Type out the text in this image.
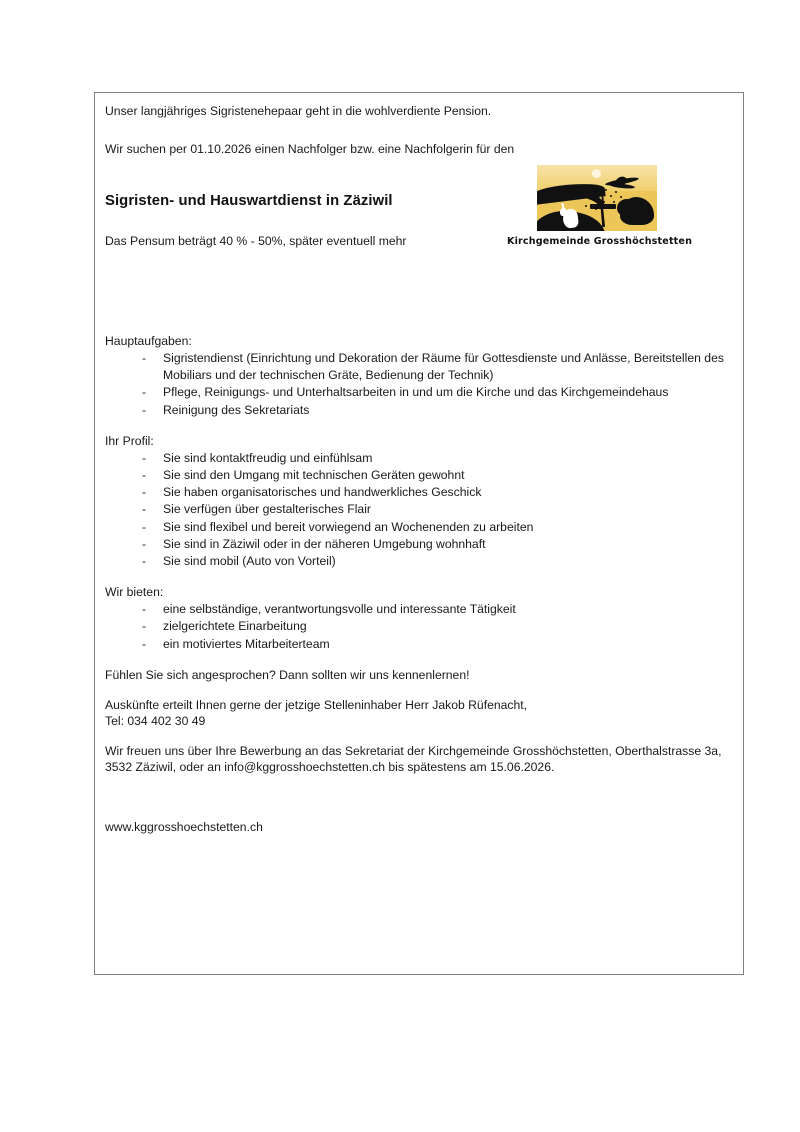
Unser langjähriges Sigristenehepaar geht in die wohlverdiente Pension.

Wir suchen per 01.10.2026 einen Nachfolger bzw. eine Nachfolgerin für den

Sigristen- und Hauswartdienst in Zäziwil

Das Pensum beträgt 40 % - 50%, später eventuell mehr

Hauptaufgaben:

- Sigristendienst (Einrichtung und Dekoration der Räume für Gottesdienste und Anlässe, Bereitstellen des Mobiliars und der technischen Gräte, Bedienung der Technik)
- Pflege, Reinigungs- und Unterhaltsarbeiten in und um die Kirche und das Kirchgemeindehaus
- Reinigung des Sekretariats

Ihr Profil:

- Sie sind kontaktfreudig und einfühlsam
- Sie sind den Umgang mit technischen Geräten gewohnt
- Sie haben organisatorisches und handwerkliches Geschick
- Sie verfügen über gestalterisches Flair
- Sie sind flexibel und bereit vorwiegend an Wochenenden zu arbeiten
- Sie sind in Zäziwil oder in der näheren Umgebung wohnhaft
- Sie sind mobil (Auto von Vorteil)

Wir bieten:

- eine selbständige, verantwortungsvolle und interessante Tätigkeit
- zielgerichtete Einarbeitung
- ein motiviertes Mitarbeiterteam

Fühlen Sie sich angesprochen? Dann sollten wir uns kennenlernen!

Auskünfte erteilt Ihnen gerne der jetzige Stelleninhaber Herr Jakob Rüfenacht,

Tel: 034 402 30 49

Wir freuen uns über Ihre Bewerbung an das Sekretariat der Kirchgemeinde Grosshöchstetten, Oberthalstrasse 3a, 3532 Zäziwil, oder an info@kggrosshoechstetten.ch bis spätestens am 15.06.2026.

www.kggrosshoechstetten.ch

Kirchgemeinde Grosshöchstetten
